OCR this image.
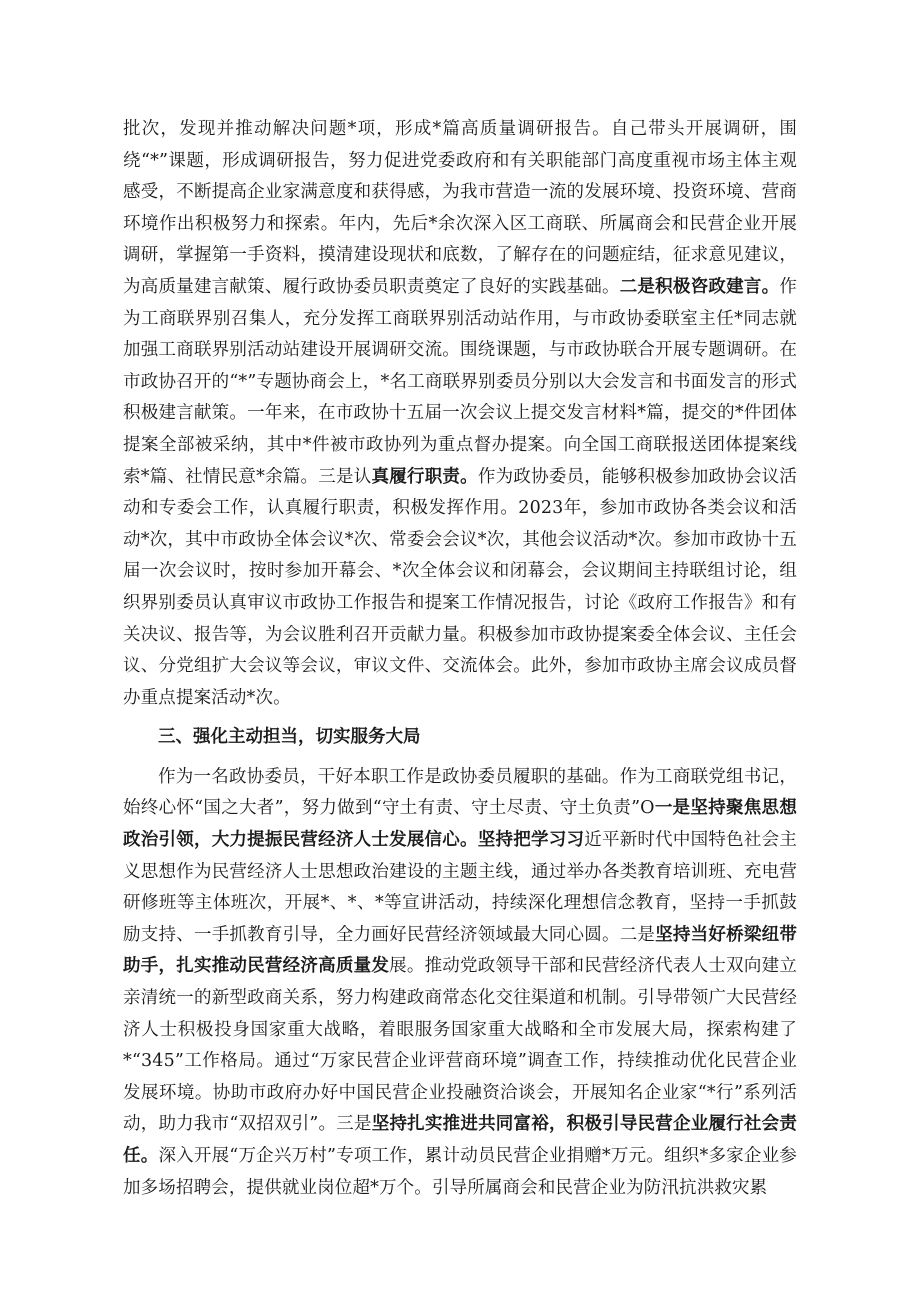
批次，发现并推动解决问题*项，形成*篇高质量调研报告。自己带头开展调研，围绕“*”课题，形成调研报告，努力促进党委政府和有关职能部门高度重视市场主体主观感受，不断提高企业家满意度和获得感，为我市营造一流的发展环境、投资环境、营商环境作出积极努力和探索。年内，先后*余次深入区工商联、所属商会和民营企业开展调研，掌握第一手资料，摸清建设现状和底数，了解存在的问题症结，征求意见建议，为高质量建言献策、履行政协委员职责奠定了良好的实践基础。二是积极咨政建言。作为工商联界别召集人，充分发挥工商联界别活动站作用，与市政协委联室主任*同志就加强工商联界别活动站建设开展调研交流。围绕课题，与市政协联合开展专题调研。在市政协召开的“*”专题协商会上，*名工商联界别委员分别以大会发言和书面发言的形式积极建言献策。一年来，在市政协十五届一次会议上提交发言材料*篇，提交的*件团体提案全部被采纳，其中*件被市政协列为重点督办提案。向全国工商联报送团体提案线索*篇、社情民意*余篇。三是认真履行职责。作为政协委员，能够积极参加政协会议活动和专委会工作，认真履行职责，积极发挥作用。2023年，参加市政协各类会议和活动*次，其中市政协全体会议*次、常委会会议*次，其他会议活动*次。参加市政协十五届一次会议时，按时参加开幕会、*次全体会议和闭幕会，会议期间主持联组讨论，组织界别委员认真审议市政协工作报告和提案工作情况报告，讨论《政府工作报告》和有关决议、报告等，为会议胜利召开贡献力量。积极参加市政协提案委全体会议、主任会议、分党组扩大会议等会议，审议文件、交流体会。此外，参加市政协主席会议成员督办重点提案活动*次。

三、强化主动担当，切实服务大局

作为一名政协委员，干好本职工作是政协委员履职的基础。作为工商联党组书记，始终心怀“国之大者”，努力做到“守土有责、守土尽责、守土负责”O一是坚持聚焦思想政治引领，大力提振民营经济人士发展信心。坚持把学习习近平新时代中国特色社会主义思想作为民营经济人士思想政治建设的主题主线，通过举办各类教育培训班、充电营研修班等主体班次，开展*、*、*等宣讲活动，持续深化理想信念教育，坚持一手抓鼓励支持、一手抓教育引导，全力画好民营经济领域最大同心圆。二是坚持当好桥梁纽带助手，扎实推动民营经济高质量发展。推动党政领导干部和民营经济代表人士双向建立亲清统一的新型政商关系，努力构建政商常态化交往渠道和机制。引导带领广大民营经济人士积极投身国家重大战略，着眼服务国家重大战略和全市发展大局，探索构建了*“345”工作格局。通过“万家民营企业评营商环境”调查工作，持续推动优化民营企业发展环境。协助市政府办好中国民营企业投融资洽谈会，开展知名企业家“*行”系列活动，助力我市“双招双引”。三是坚持扎实推进共同富裕，积极引导民营企业履行社会责任。深入开展“万企兴万村”专项工作，累计动员民营企业捐赠*万元。组织*多家企业参加多场招聘会，提供就业岗位超*万个。引导所属商会和民营企业为防汛抗洪救灾累
